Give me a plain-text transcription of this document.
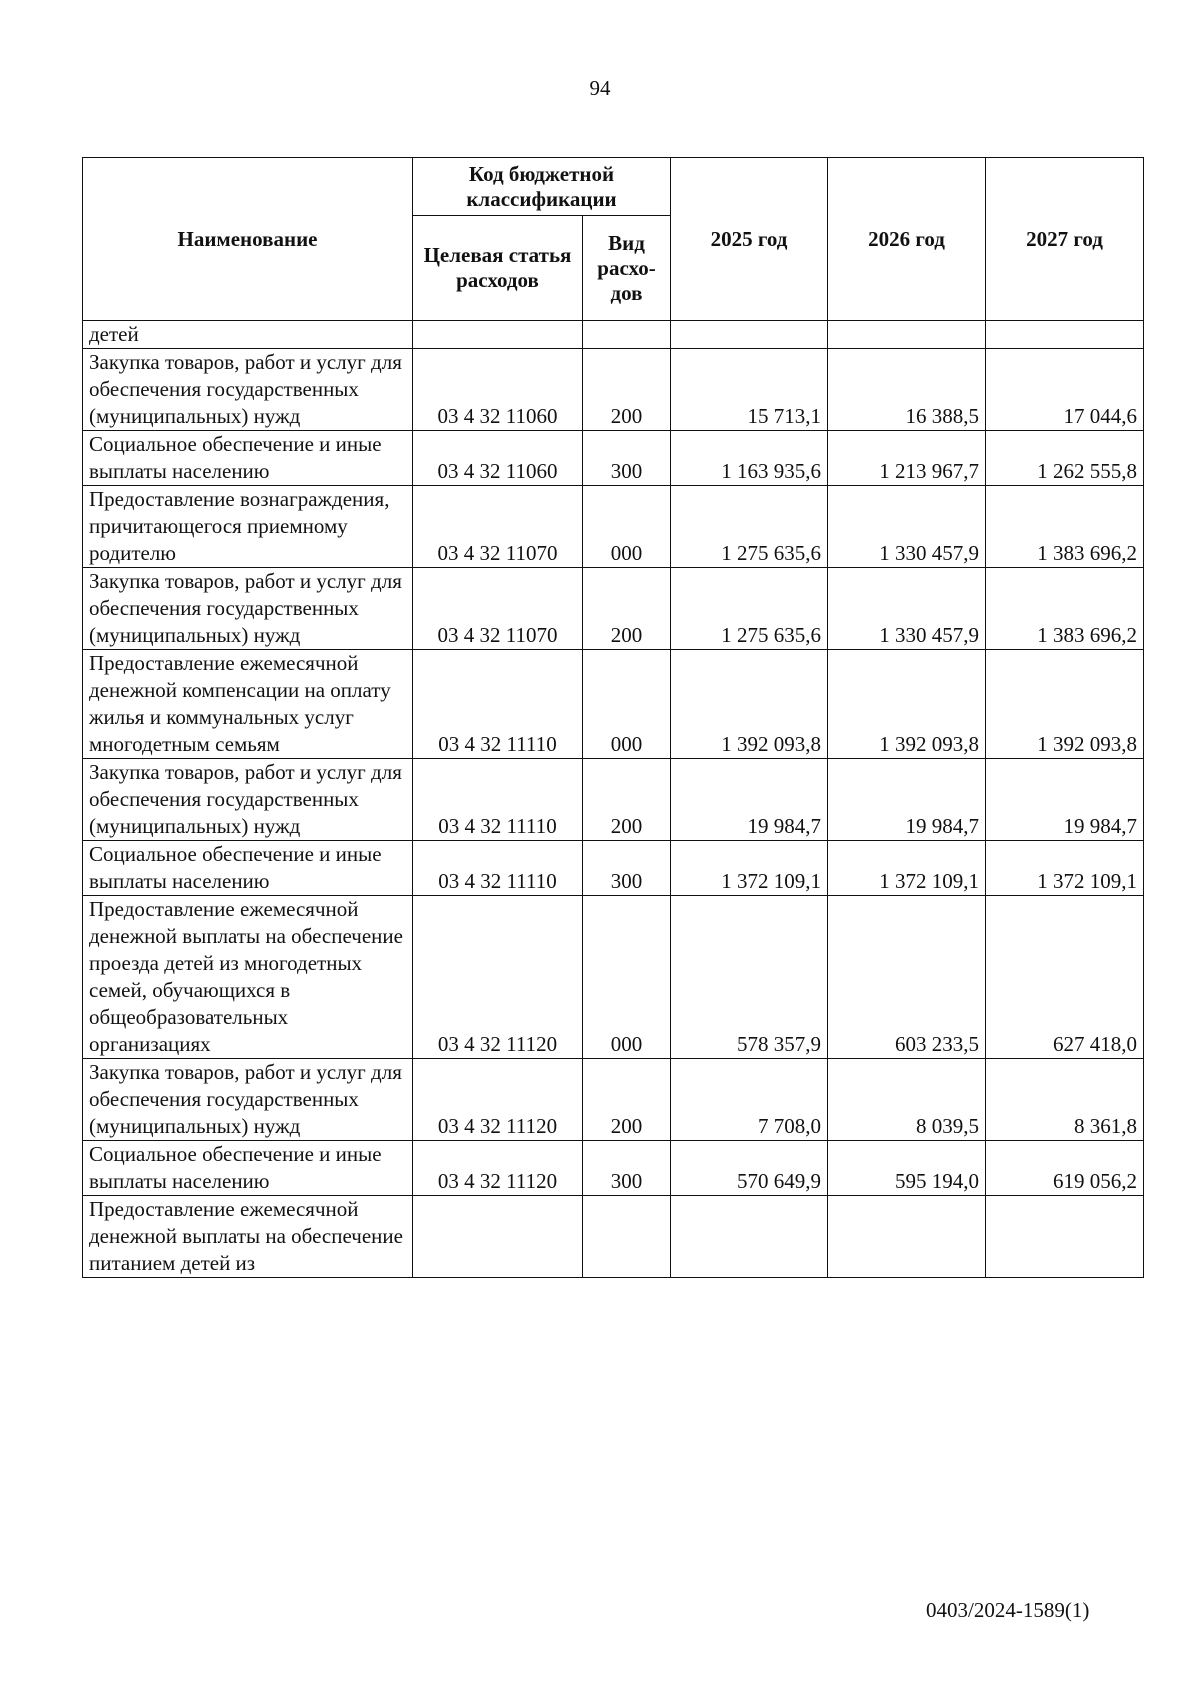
94
Наименование	Код бюджетной классификации		2025 год	2026 год	2027 год
	Целевая статья расходов	Вид расхо-дов			
детей					
Закупка товаров, работ и услуг для обеспечения государственных (муниципальных) нужд	03 4 32 11060	200	15 713,1	16 388,5	17 044,6
Социальное обеспечение и иные выплаты населению	03 4 32 11060	300	1 163 935,6	1 213 967,7	1 262 555,8
Предоставление вознаграждения, причитающегося приемному родителю	03 4 32 11070	000	1 275 635,6	1 330 457,9	1 383 696,2
Закупка товаров, работ и услуг для обеспечения государственных (муниципальных) нужд	03 4 32 11070	200	1 275 635,6	1 330 457,9	1 383 696,2
Предоставление ежемесячной денежной компенсации на оплату жилья и коммунальных услуг многодетным семьям	03 4 32 11110	000	1 392 093,8	1 392 093,8	1 392 093,8
Закупка товаров, работ и услуг для обеспечения государственных (муниципальных) нужд	03 4 32 11110	200	19 984,7	19 984,7	19 984,7
Социальное обеспечение и иные выплаты населению	03 4 32 11110	300	1 372 109,1	1 372 109,1	1 372 109,1
Предоставление ежемесячной денежной выплаты на обеспечение проезда детей из многодетных семей, обучающихся в общеобразовательных организациях	03 4 32 11120	000	578 357,9	603 233,5	627 418,0
Закупка товаров, работ и услуг для обеспечения государственных (муниципальных) нужд	03 4 32 11120	200	7 708,0	8 039,5	8 361,8
Социальное обеспечение и иные выплаты населению	03 4 32 11120	300	570 649,9	595 194,0	619 056,2
Предоставление ежемесячной денежной выплаты на обеспечение питанием детей из					
0403/2024-1589(1)
